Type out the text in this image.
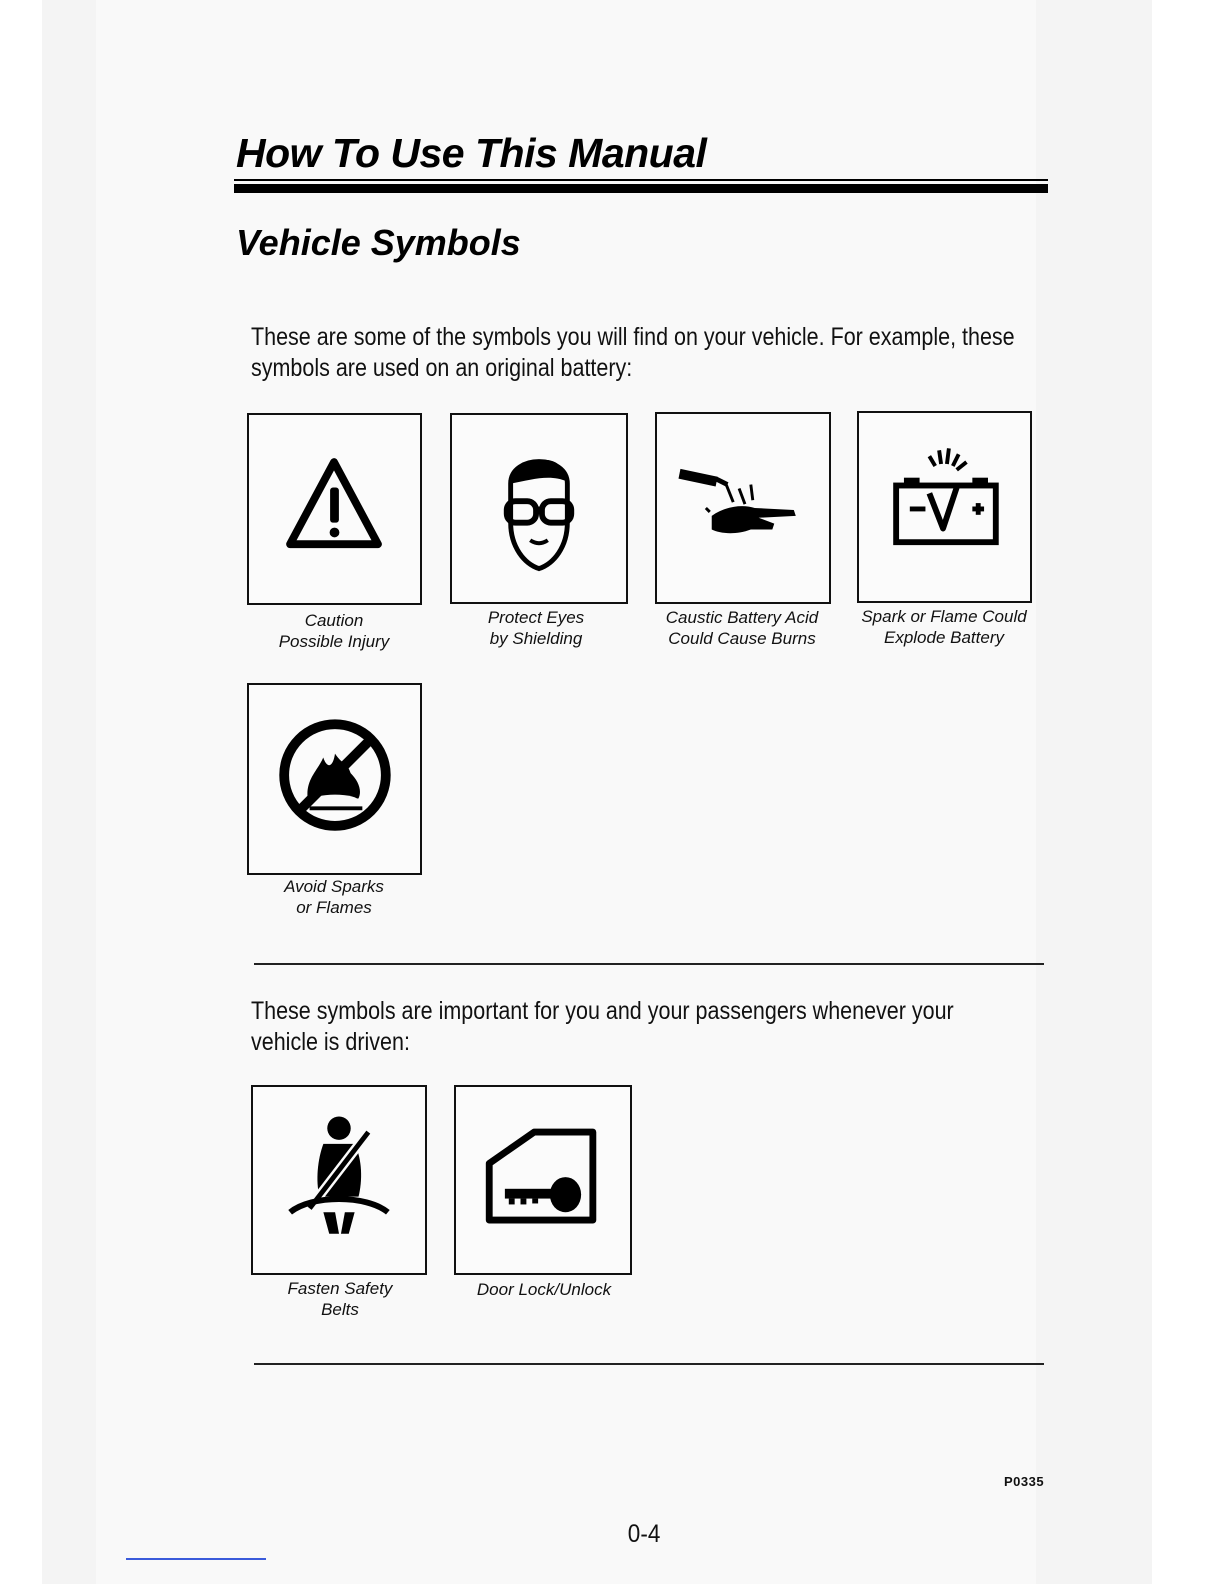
How To Use This Manual
Vehicle Symbols

These are some of the symbols you will find on your vehicle. For example, these symbols are used on an original battery:

Caution
Possible Injury
Protect Eyes
by Shielding
Caustic Battery Acid
Could Cause Burns
Spark or Flame Could
Explode Battery
Avoid Sparks
or Flames

These symbols are important for you and your passengers whenever your vehicle is driven:

Fasten Safety
Belts
Door Lock/Unlock
P0335
0-4
